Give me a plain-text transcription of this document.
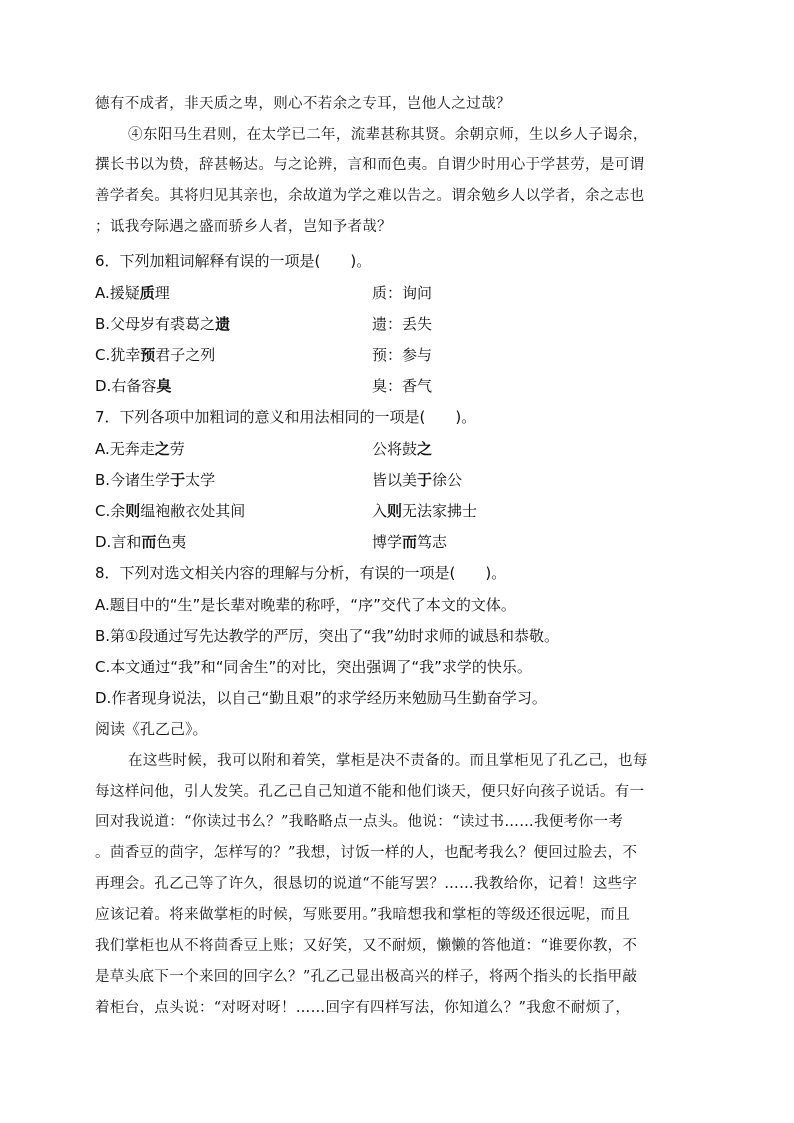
德有不成者，非天质之卑，则心不若余之专耳，岂他人之过哉？
④东阳马生君则，在太学已二年，流辈甚称其贤。余朝京师，生以乡人子谒余，
撰长书以为贽，辞甚畅达。与之论辨，言和而色夷。自谓少时用心于学甚劳，是可谓
善学者矣。其将归见其亲也，余故道为学之难以告之。谓余勉乡人以学者，余之志也
；诋我夸际遇之盛而骄乡人者，岂知予者哉？
6．下列加粗词解释有误的一项是(　　)。
A.援疑质理	质：询问
B.父母岁有裘葛之遗	遗：丢失
C.犹幸预君子之列	预：参与
D.右备容臭	臭：香气
7．下列各项中加粗词的意义和用法相同的一项是(　　)。
A.无奔走之劳	公将鼓之
B.今诸生学于太学	皆以美于徐公
C.余则缊袍敝衣处其间	入则无法家拂士
D.言和而色夷	博学而笃志
8．下列对选文相关内容的理解与分析，有误的一项是(　　)。
A.题目中的“生”是长辈对晚辈的称呼，“序”交代了本文的文体。
B.第①段通过写先达教学的严厉，突出了“我”幼时求师的诚恳和恭敬。
C.本文通过“我”和“同舍生”的对比，突出强调了“我”求学的快乐。
D.作者现身说法，以自己“勤且艰”的求学经历来勉励马生勤奋学习。
阅读《孔乙己》。
在这些时候，我可以附和着笑，掌柜是决不责备的。而且掌柜见了孔乙己，也每
每这样问他，引人发笑。孔乙己自己知道不能和他们谈天，便只好向孩子说话。有一
回对我说道：“你读过书么？”我略略点一点头。他说：“读过书……我便考你一考
。茴香豆的茴字，怎样写的？”我想，讨饭一样的人，也配考我么？便回过脸去，不
再理会。孔乙己等了许久，很恳切的说道“不能写罢？……我教给你，记着！这些字
应该记着。将来做掌柜的时候，写账要用。”我暗想我和掌柜的等级还很远呢，而且
我们掌柜也从不将茴香豆上账；又好笑，又不耐烦，懒懒的答他道：“谁要你教，不
是草头底下一个来回的回字么？”孔乙己显出极高兴的样子，将两个指头的长指甲敲
着柜台，点头说：“对呀对呀！……回字有四样写法，你知道么？”我愈不耐烦了，
